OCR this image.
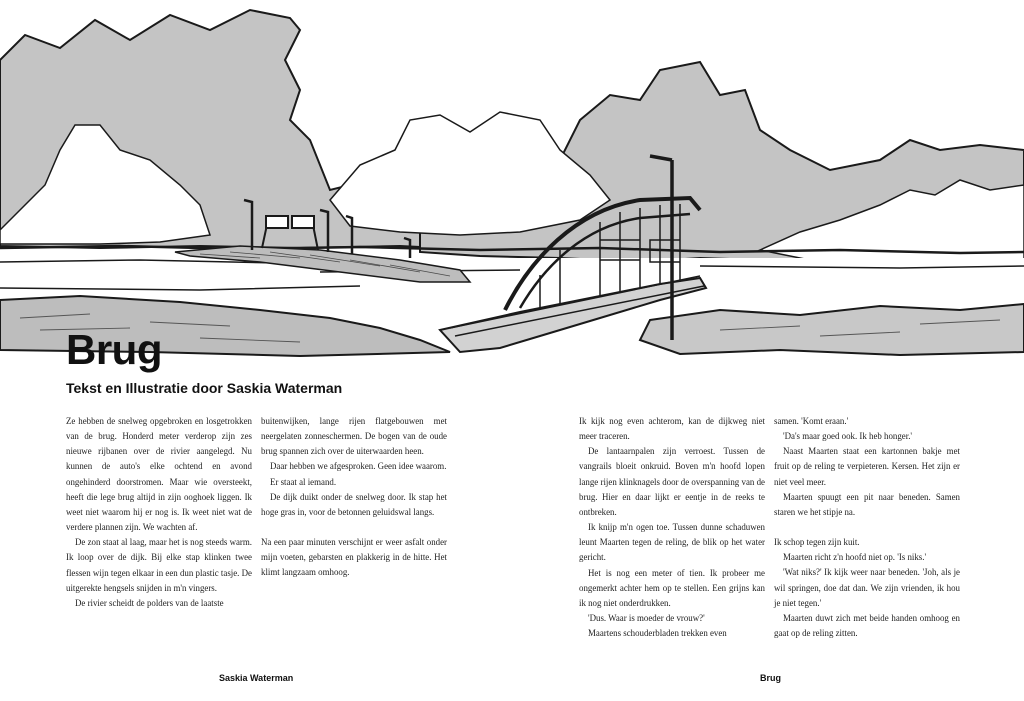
Brug
Tekst en Illustratie door Saskia Waterman

Ze hebben de snelweg opgebroken en losgetrokken van de brug. Honderd meter verderop zijn zes nieuwe rijbanen over de rivier aangelegd. Nu kunnen de auto's elke ochtend en avond ongehinderd doorstromen. Maar wie oversteekt, heeft die lege brug altijd in zijn ooghoek liggen. Ik weet niet waarom hij er nog is. Ik weet niet wat de verdere plannen zijn. We wachten af.

De zon staat al laag, maar het is nog steeds warm. Ik loop over de dijk. Bij elke stap klinken twee flessen wijn tegen elkaar in een dun plastic tasje. De uitgerekte hengsels snijden in m'n vingers.

De rivier scheidt de polders van de laatste

buitenwijken, lange rijen flatgebouwen met neergelaten zonneschermen. De bogen van de oude brug spannen zich over de uiterwaarden heen.

Daar hebben we afgesproken. Geen idee waarom.

Er staat al iemand.

De dijk duikt onder de snelweg door. Ik stap het hoge gras in, voor de betonnen geluidswal langs.

Na een paar minuten verschijnt er weer asfalt onder mijn voeten, gebarsten en plakkerig in de hitte. Het klimt langzaam omhoog.

Ik kijk nog even achterom, kan de dijkweg niet meer traceren.

De lantaarnpalen zijn verroest. Tussen de vangrails bloeit onkruid. Boven m'n hoofd lopen lange rijen klinknagels door de overspanning van de brug. Hier en daar lijkt er eentje in de reeks te ontbreken.

Ik knijp m'n ogen toe. Tussen dunne schaduwen leunt Maarten tegen de reling, de blik op het water gericht.

Het is nog een meter of tien. Ik probeer me ongemerkt achter hem op te stellen. Een grijns kan ik nog niet onderdrukken.

'Dus. Waar is moeder de vrouw?'

Maartens schouderbladen trekken even

samen. 'Komt eraan.'

'Da's maar goed ook. Ik heb honger.'

Naast Maarten staat een kartonnen bakje met fruit op de reling te verpieteren. Kersen. Het zijn er niet veel meer.

Maarten spuugt een pit naar beneden. Samen staren we het stipje na.

Ik schop tegen zijn kuit.

Maarten richt z'n hoofd niet op. 'Is niks.'

'Wat niks?' Ik kijk weer naar beneden. 'Joh, als je wil springen, doe dat dan. We zijn vrienden, ik hou je niet tegen.'

Maarten duwt zich met beide handen omhoog en gaat op de reling zitten.

Saskia Waterman	Brug
